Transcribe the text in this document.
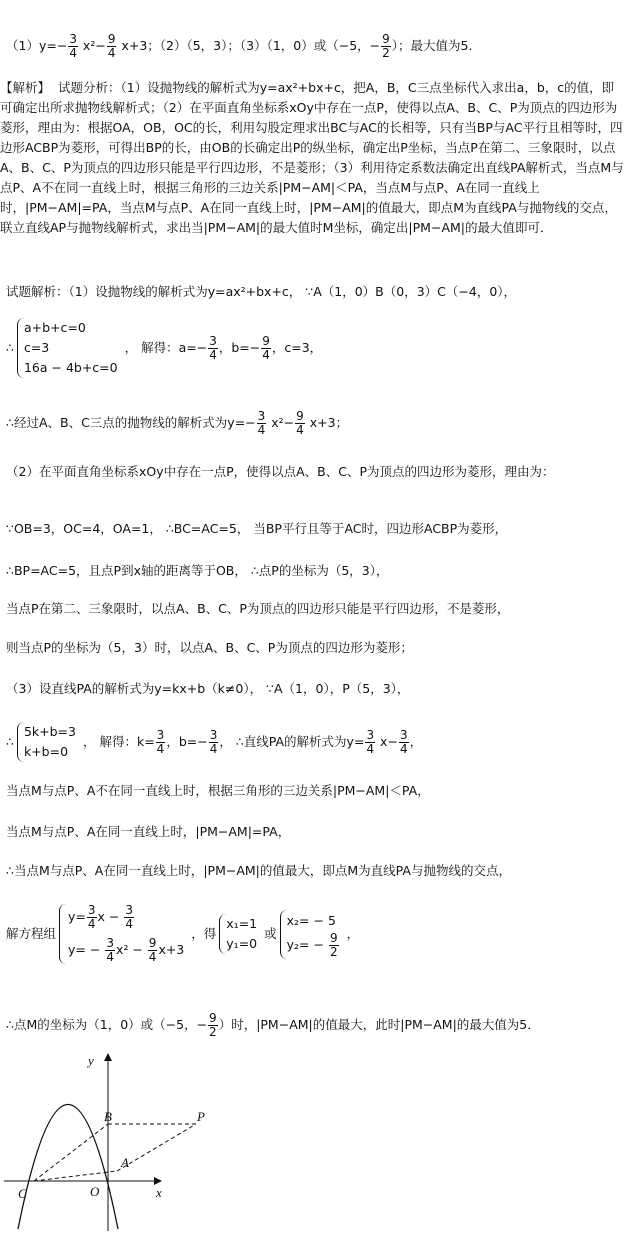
$(1)y=- \frac{3}{4} x^2- \frac{9}{4} x+3$；（2）（5，3）；（3）（1，0）或（−5，− $\frac{9}{2}$ ）；最大值为5.
【解析】 试题分析：（1）设抛物线的解析式为y=ax²+bx+c，把A，B，C三点坐标代入求出a，b，c的值，即可确定出所求抛物线解析式；（2）在平面直角坐标系xOy中存在一点P，使得以点A、B、C、P为顶点的四边形为菱形，理由为：根据OA，OB，OC的长，利用勾股定理求出BC与AC的长相等，只有当BP与AC平行且相等时，四边形ACBP为菱形，可得出BP的长，由OB的长确定出P的纵坐标，确定出P坐标，当点P在第二、三象限时，以点A、B、C、P为顶点的四边形只能是平行四边形，不是菱形；（3）利用待定系数法确定出直线PA解析式，当点M与点P、A不在同一直线上时，根据三角形的三边关系|PM−AM|＜PA，当点M与点P、A在同一直线上时，|PM−AM|=PA，当点M与点P、A在同一直线上时，|PM−AM|的值最大，即点M为直线PA与抛物线的交点，联立直线AP与抛物线解析式，求出当|PM−AM|的最大值时M坐标，确定出|PM−AM|的最大值即可．
试题解析：（1）设抛物线的解析式为y=ax²+bx+c， ∵A（1，0）B（0，3）C（−4，0），
∴
a+b+c=0
c=3
16a − 4b+c=0
， 解得：$a=- \frac{3}{4}$ ，$b=- \frac{9}{4}$ ，c=3，
∴经过A、B、C三点的抛物线的解析式为$y=- \frac{3}{4} x^2- \frac{9}{4} x+3$；
（2）在平面直角坐标系xOy中存在一点P，使得以点A、B、C、P为顶点的四边形为菱形，理由为：
∵OB=3，OC=4，OA=1， ∴BC=AC=5， 当BP平行且等于AC时，四边形ACBP为菱形，
∴BP=AC=5，且点P到x轴的距离等于OB， ∴点P的坐标为（5，3），
当点P在第二、三象限时，以点A、B、C、P为顶点的四边形只能是平行四边形，不是菱形，
则当点P的坐标为（5，3）时，以点A、B、C、P为顶点的四边形为菱形；
（3）设直线PA的解析式为y=kx+b（k≠0）， ∵A（1，0），P（5，3），
∴
5k+b=3
k+b=0
， 解得：$k= \frac{3}{4}$ ，$b=- \frac{3}{4}$ ， ∴直线PA的解析式为$y= \frac{3}{4} x- \frac{3}{4}$ ，
当点M与点P、A不在同一直线上时，根据三角形的三边关系|PM−AM|＜PA，
当点M与点P、A在同一直线上时，|PM−AM|=PA，
∴当点M与点P、A在同一直线上时，|PM−AM|的值最大，即点M为直线PA与抛物线的交点，
解方程组
$y= \frac{3}{4}$ $x - \frac{3}{4}$
$y= - \frac{3}{4} x^2 - \frac{9}{4} x+3$
，得
x₁=1
y₁=0
或
x₂= − 5
$y_2= - \frac{9}{2}$ ，
∴点M的坐标为（1，0）或（−5，− $\frac{9}{2}$ ）时，|PM−AM|的值最大，此时|PM−AM|的最大值为5．
y
x
B	P
A
C	O
